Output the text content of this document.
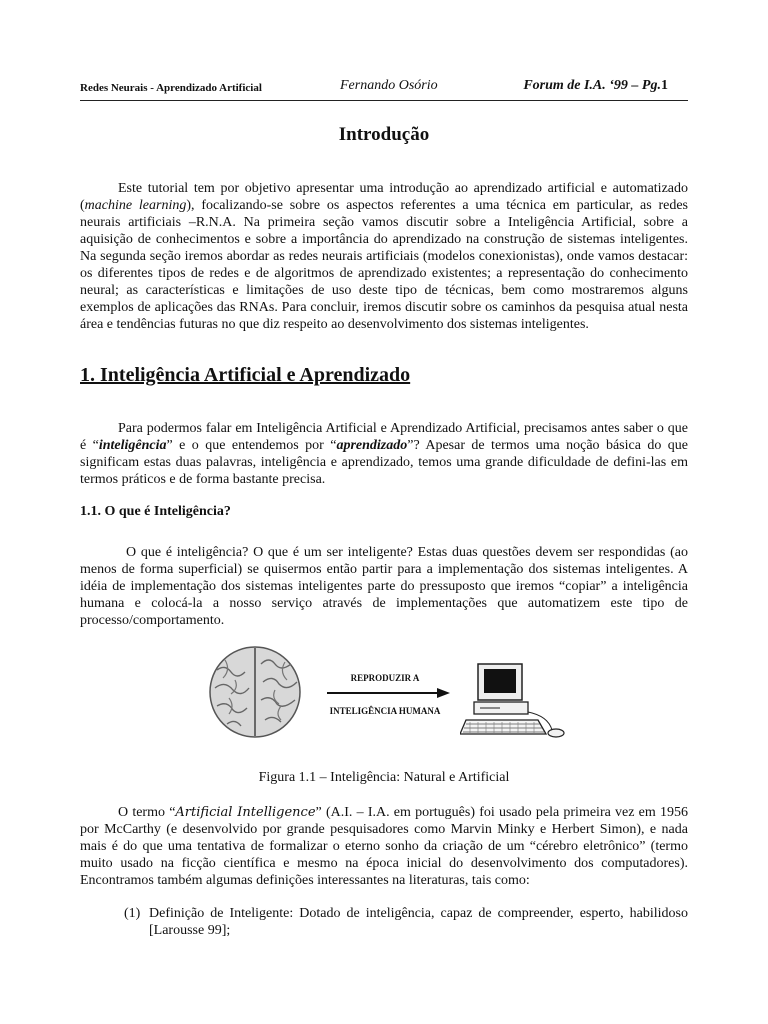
Redes Neurais - Aprendizado Artificial	Fernando Osório	Forum de I.A. ‘99 – Pg.1
Introdução

Este tutorial tem por objetivo apresentar uma introdução ao aprendizado artificial e automatizado (machine learning), focalizando-se sobre os aspectos referentes a uma técnica em particular, as redes neurais artificiais –R.N.A. Na primeira seção vamos discutir sobre a Inteligência Artificial, sobre a aquisição de conhecimentos e sobre a importância do aprendizado na construção de sistemas inteligentes. Na segunda seção iremos abordar as redes neurais artificiais (modelos conexionistas), onde vamos destacar: os diferentes tipos de redes e de algoritmos de aprendizado existentes; a representação do conhecimento neural; as características e limitações de uso deste tipo de técnicas, bem como mostraremos alguns exemplos de aplicações das RNAs. Para concluir, iremos discutir sobre os caminhos da pesquisa atual nesta área e tendências futuras no que diz respeito ao desenvolvimento dos sistemas inteligentes.

1. Inteligência Artificial e Aprendizado

Para podermos falar em Inteligência Artificial e Aprendizado Artificial, precisamos antes saber o que é “inteligência” e o que entendemos por “aprendizado”? Apesar de termos uma noção básica do que significam estas duas palavras, inteligência e aprendizado, temos uma grande dificuldade de defini-las em termos práticos e de forma bastante precisa.

1.1. O que é Inteligência?

O que é inteligência? O que é um ser inteligente? Estas duas questões devem ser respondidas (ao menos de forma superficial) se quisermos então partir para a implementação dos sistemas inteligentes. A idéia de implementação dos sistemas inteligentes parte do pressuposto que iremos “copiar” a inteligência humana e colocá-la a nosso serviço através de implementações que automatizem este tipo de processo/comportamento.

REPRODUZIR A
INTELIGÊNCIA HUMANA
Figura 1.1 – Inteligência: Natural e Artificial

O termo “Artificial Intelligence” (A.I. – I.A. em português) foi usado pela primeira vez em 1956 por McCarthy (e desenvolvido por grande pesquisadores como Marvin Minky e Herbert Simon), e nada mais é do que uma tentativa de formalizar o eterno sonho da criação de um “cérebro eletrônico” (termo muito usado na ficção científica e mesmo na época inicial do desenvolvimento dos computadores). Encontramos também algumas definições interessantes na literaturas, tais como:

(1) Definição de Inteligente: Dotado de inteligência, capaz de compreender, esperto, habilidoso [Larousse 99];
